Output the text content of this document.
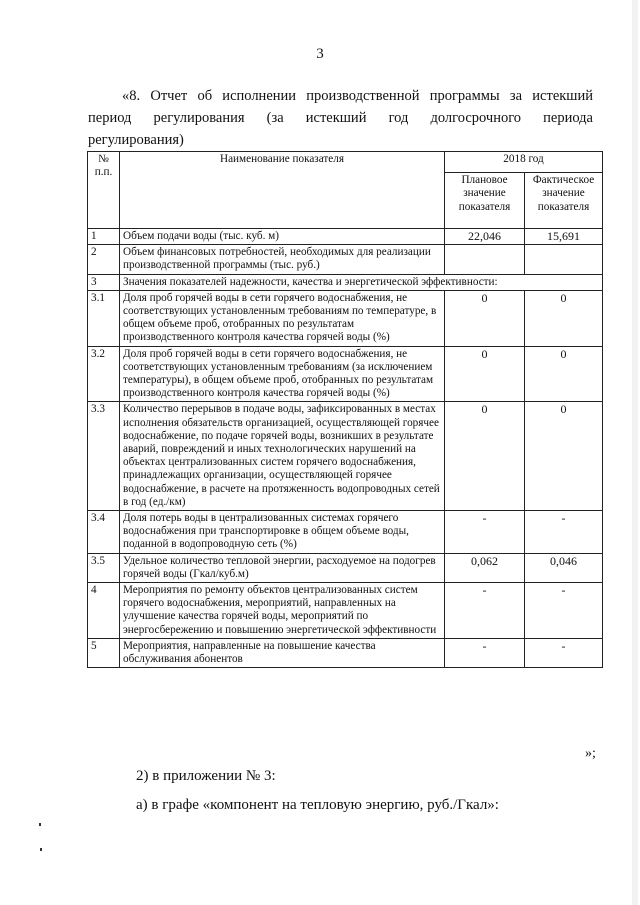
3
«8. Отчет об исполнении производственной программы за истекший
период регулирования (за истекший год долгосрочного периода
регулирования)
№ п.п.	Наименование показателя	2018 год	
		Плановое значение показателя	Фактическое значение показателя
1	Объем подачи воды (тыс. куб. м)	22,046	15,691
2	Объем финансовых потребностей, необходимых для реализации производственной программы (тыс. руб.)		
3	Значения показателей надежности, качества и энергетической эффективности:		
3.1	Доля проб горячей воды в сети горячего водоснабжения, не соответствующих установленным требованиям по температуре, в общем объеме проб, отобранных по результатам производственного контроля качества горячей воды (%)	0	0
3.2	Доля проб горячей воды в сети горячего водоснабжения, не соответствующих установленным требованиям (за исключением температуры), в общем объеме проб, отобранных по результатам производственного контроля качества горячей воды (%)	0	0
3.3	Количество перерывов в подаче воды, зафиксированных в местах исполнения обязательств организацией, осуществляющей горячее водоснабжение, по подаче горячей воды, возникших в результате аварий, повреждений и иных технологических нарушений на объектах централизованных систем горячего водоснабжения, принадлежащих организации, осуществляющей горячее водоснабжение, в расчете на протяженность водопроводных сетей в год (ед./км)	0	0
3.4	Доля потерь воды в централизованных системах горячего водоснабжения при транспортировке в общем объеме воды, поданной в водопроводную сеть (%)	-	-
3.5	Удельное количество тепловой энергии, расходуемое на подогрев горячей воды (Гкал/куб.м)	0,062	0,046
4	Мероприятия по ремонту объектов централизованных систем горячего водоснабжения, мероприятий, направленных на улучшение качества горячей воды, мероприятий по энергосбережению и повышению энергетической эффективности	-	-
5	Мероприятия, направленные на повышение качества обслуживания абонентов	-	-
»;
2) в приложении № 3:
а) в графе «компонент на тепловую энергию, руб./Гкал»:
